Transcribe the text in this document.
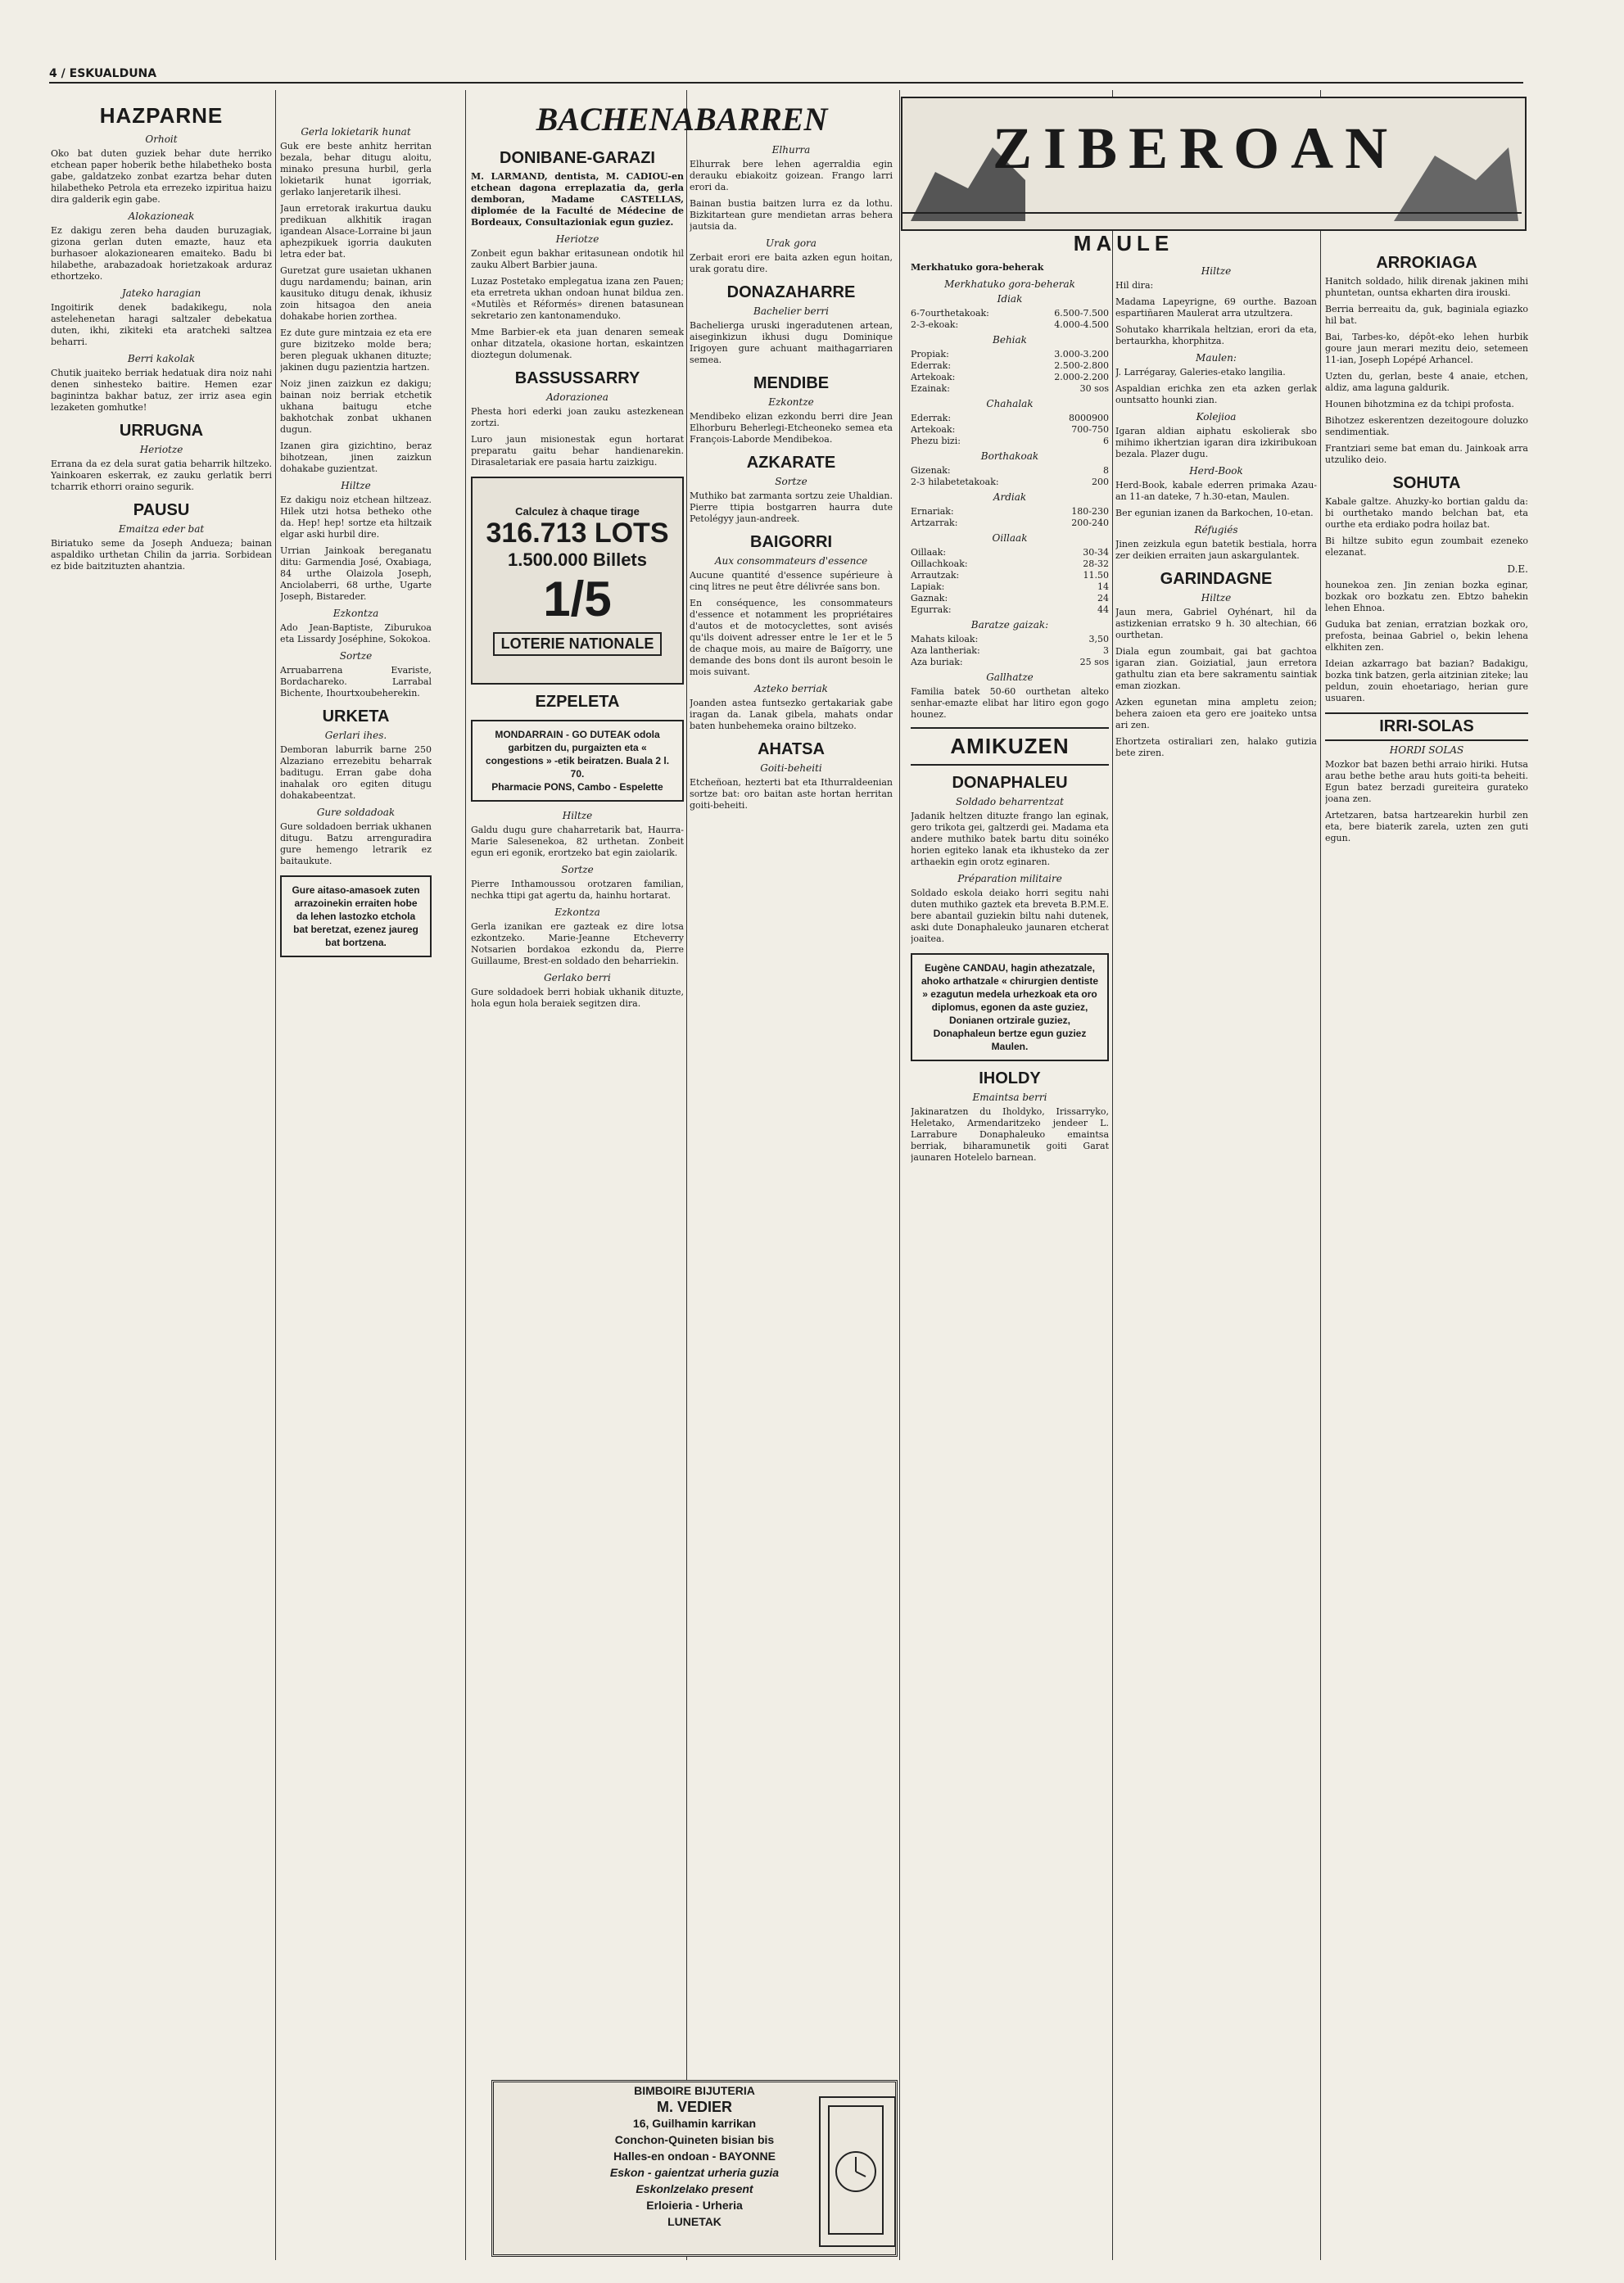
4 / ESKUALDUNA
BACHENABARREN	ZIBEROAN
MAULE
HAZPARNE
Orhoit

Oko bat duten guziek behar dute herriko etchean paper hoberik bethe hilabetheko bosta gabe, galdatzeko zonbat ezartza behar duten hilabetheko Petrola eta errezeko izpiritua haizu dira galderik egin gabe.

Alokazioneak

Ez dakigu zeren beha dauden buruzagiak, gizona gerlan duten emazte, hauz eta burhasoer alokazionearen emaiteko. Badu bi hilabethe, arabazadoak horietzakoak arduraz ethortzeko.

Jateko haragian

Ingoitirik denek badakikegu, nola astelehenetan haragi saltzaler debekatua duten, ikhi, zikiteki eta aratcheki saltzea beharri.

Berri kakolak

Chutik juaiteko berriak hedatuak dira noiz nahi denen sinhesteko baitire. Hemen ezar baginintza bakhar batuz, zer irriz asea egin lezaketen gomhutke!

URRUGNA
Heriotze

Errana da ez dela surat gatia beharrik hiltzeko. Yainkoaren eskerrak, ez zauku gerlatik berri tcharrik ethorri oraino segurik.

PAUSU
Emaitza eder bat

Biriatuko seme da Joseph Andueza; bainan aspaldiko urthetan Chilin da jarria. Sorbidean ez bide baitzituzten ahantzia.

Gerla lokietarik hunat

Guk ere beste anhitz herritan bezala, behar ditugu aloitu, minako presuna hurbil, gerla lokietarik hunat igorriak, gerlako lanjeretarik ilhesi.

Jaun erretorak irakurtua dauku predikuan alkhitik iragan igandean Alsace-Lorraine bi jaun aphezpikuek igorria daukuten letra eder bat.

Guretzat gure usaietan ukhanen dugu nardamendu; bainan, arin kausituko ditugu denak, ikhusiz zoin hitsagoa den aneia dohakabe horien zorthea.

Ez dute gure mintzaia ez eta ere gure bizitzeko molde bera; beren pleguak ukhanen dituzte; jakinen dugu pazientzia hartzen.

Noiz jinen zaizkun ez dakigu; bainan noiz berriak etchetik ukhana baitugu etche bakhotchak zonbat ukhanen dugun.

Izanen gira gizichtino, beraz bihotzean, jinen zaizkun dohakabe guzientzat.

Hiltze

Ez dakigu noiz etchean hiltzeaz. Hilek utzi hotsa betheko othe da. Hep! hep! sortze eta hiltzaik elgar aski hurbil dire.

Urrian Jainkoak bereganatu ditu: Garmendia José, Oxabiaga, 84 urthe Olaizola Joseph, Anciolaberri, 68 urthe, Ugarte Joseph, Bistareder.

Ezkontza

Ado Jean-Baptiste, Ziburukoa eta Lissardy Joséphine, Sokokoa.

Sortze

Arruabarrena Evariste, Bordachareko. Larrabal Bichente, Ihourtxoubeherekin.

URKETA
Gerlari ihes.

Demboran laburrik barne 250 Alzaziano errezebitu beharrak baditugu. Erran gabe doha inahalak oro egiten ditugu dohakabeentzat.

Gure soldadoak

Gure soldadoen berriak ukhanen ditugu. Batzu arrenguradira gure hemengo letrarik ez baitaukute.

Gure aitaso-amasoek zuten arrazoinekin erraiten hobe da lehen lastozko etchola bat beretzat, ezenez jaureg bat bortzena.
DONIBANE-GARAZI

M. LARMAND, dentista, M. CADIOU-en etchean dagona erreplazatia da, gerla demboran, Madame CASTELLAS, diplomée de la Faculté de Médecine de Bordeaux, Consultazioniak egun guziez.

Heriotze

Zonbeit egun bakhar eritasunean ondotik hil zauku Albert Barbier jauna.

Luzaz Postetako emplegatua izana zen Pauen; eta erretreta ukhan ondoan hunat bildua zen. «Mutilès et Réformés» direnen batasunean sekretario zen kantonamenduko.

Mme Barbier-ek eta juan denaren semeak onhar ditzatela, okasione hortan, eskaintzen dioztegun dolumenak.

BASSUSSARRY
Adorazionea

Phesta hori ederki joan zauku astezkenean zortzi.

Luro jaun misionestak egun hortarat preparatu gaitu behar handienarekin. Dirasaletariak ere pasaia hartu zaizkigu.

Calculez à chaque tirage
316.713 LOTS
1.500.000 Billets
1/5
LOTERIE NATIONALE
EZPELETA
MONDARRAIN - GO DUTEAK odola garbitzen du, purgaizten eta « congestions » -etik beiratzen. Buala 2 l. 70.
Pharmacie PONS, Cambo - Espelette
Hiltze

Galdu dugu gure chaharretarik bat, Haurra-Marie Salesenekoa, 82 urthetan. Zonbeit egun eri egonik, erortzeko bat egin zaiolarik.

Sortze

Pierre Inthamoussou orotzaren familian, nechka ttipi gat agertu da, hainhu hortarat.

Ezkontza

Gerla izanikan ere gazteak ez dire lotsa ezkontzeko. Marie-Jeanne Etcheverry Notsarien bordakoa ezkondu da, Pierre Guillaume, Brest-en soldado den beharriekin.

Gerlako berri

Gure soldadoek berri hobiak ukhanik dituzte, hola egun hola beraiek segitzen dira.

Elhurra

Elhurrak bere lehen agerraldia egin derauku ebiakoitz goizean. Frango larri erori da.

Bainan bustia baitzen lurra ez da lothu. Bizkitartean gure mendietan arras behera jautsia da.

Urak gora

Zerbait erori ere baita azken egun hoitan, urak goratu dire.

DONAZAHARRE
Bachelier berri

Bachelierga uruski ingeradutenen artean, aiseginkizun ikhusi dugu Dominique Irigoyen gure achuant maithagarriaren semea.

MENDIBE
Ezkontze

Mendibeko elizan ezkondu berri dire Jean Elhorburu Beherlegi-Etcheoneko semea eta François-Laborde Mendibekoa.

AZKARATE
Sortze

Muthiko bat zarmanta sortzu zeie Uhaldian. Pierre ttipia bostgarren haurra dute Petolégyy jaun-andreek.

BAIGORRI
Aux consommateurs d'essence

Aucune quantité d'essence supérieure à cinq litres ne peut être délivrée sans bon.

En conséquence, les consommateurs d'essence et notamment les propriétaires d'autos et de motocyclettes, sont avisés qu'ils doivent adresser entre le 1er et le 5 de chaque mois, au maire de Baïgorry, une demande des bons dont ils auront besoin le mois suivant.

Azteko berriak

Joanden astea funtsezko gertakariak gabe iragan da. Lanak gibela, mahats ondar baten hunbehemeka oraino biltzeko.

AHATSA
Goiti-beheiti

Etcheñoan, hezterti bat eta Ithurraldeenian sortze bat: oro baitan aste hortan herritan goiti-beheiti.

Merkhatuko gora-beherak

Merkhatuko gora-beherak
Idiak
6-7ourthetakoak:	6.500-7.500
2-3-ekoak:	4.000-4.500
Behiak
Propiak:	3.000-3.200
Ederrak:	2.500-2.800
Artekoak:	2.000-2.200
Ezainak:	30 sos
Chahalak
Ederrak:	8000900
Artekoak:	700-750
Phezu bizi:	6
Borthakoak
Gizenak:	8
2-3 hilabetetakoak:	200
Ardiak
Ernariak:	180-230
Artzarrak:	200-240
Oillaak
Oillaak:	30-34
Oillachkoak:	28-32
Arrautzak:	11.50
Lapiak:	14
Gaznak:	24
Egurrak:	44
Baratze gaizak:
Mahats kiloak:	3,50
Aza lantheriak:	3
Aza buriak:	25 sos
Gallhatze

Familia batek 50-60 ourthetan alteko senhar-emazte elibat har litiro egon gogo hounez.

AMIKUZEN
DONAPHALEU
Soldado beharrentzat

Jadanik heltzen dituzte frango lan eginak, gero trikota gei, galtzerdi gei. Madama eta andere muthiko batek bartu ditu soinéko horien egiteko lanak eta ikhusteko da zer arthaekin egin orotz eginaren.

Préparation militaire

Soldado eskola deiako horri segitu nahi duten muthiko gaztek eta breveta B.P.M.E. bere abantail guziekin biltu nahi dutenek, aski dute Donaphaleuko jaunaren etcherat joaitea.

Eugène CANDAU, hagin athezatzale, ahoko arthatzale « chirurgien dentiste » ezagutun medela urhezkoak eta oro diplomus, egonen da aste guziez, Donianen ortzirale guziez, Donaphaleun bertze egun guziez Maulen.
IHOLDY
Emaintsa berri

Jakinaratzen du Iholdyko, Irissarryko, Heletako, Armendaritzeko jendeer L. Larrabure Donaphaleuko emaintsa berriak, biharamunetik goiti Garat jaunaren Hotelelo barnean.

Hiltze

Hil dira:

Madama Lapeyrigne, 69 ourthe. Bazoan espartiñaren Maulerat arra utzultzera.

Sohutako kharrikala heltzian, erori da eta, bertaurkha, khorphitza.

Maulen:

J. Larrégaray, Galeries-etako langilia.

Aspaldian erichka zen eta azken gerlak ountsatto hounki zian.

Kolejioa

Igaran aldian aiphatu eskolierak sbo mihimo ikhertzian igaran dira izkiribukoan bezala. Plazer dugu.

Herd-Book

Herd-Book, kabale ederren primaka Azau-an 11-an dateke, 7 h.30-etan, Maulen.

Ber egunian izanen da Barkochen, 10-etan.

Réfugiés

Jinen zeizkula egun batetik bestiala, horra zer deikien erraiten jaun askargulantek.

GARINDAGNE
Hiltze

Jaun mera, Gabriel Oyhénart, hil da astizkenian erratsko 9 h. 30 altechian, 66 ourthetan.

Diala egun zoumbait, gai bat gachtoa igaran zian. Goiziatial, jaun erretora gathultu zian eta bere sakramentu saintiak eman ziozkan.

Azken egunetan mina ampletu zeion; behera zaioen eta gero ere joaiteko untsa ari zen.

Ehortzeta ostiraliari zen, halako gutizia bete ziren.

ARROKIAGA

Hanitch soldado, hilik direnak jakinen mihi phuntetan, ountsa ekharten dira irouski.

Berria berreaitu da, guk, baginiala egiazko hil bat.

Bai, Tarbes-ko, dépôt-eko lehen hurbik goure jaun merari mezitu deio, setemeen 11-ian, Joseph Lopépé Arhancel.

Uzten du, gerlan, beste 4 anaie, etchen, aldiz, ama laguna galdurik.

Hounen bihotzmina ez da tchipi profosta.

Bihotzez eskerentzen dezeitogoure doluzko sendimentiak.

Frantziari seme bat eman du. Jainkoak arra utzuliko deio.

SOHUTA

Kabale galtze. Ahuzky-ko bortian galdu da: bi ourthetako mando belchan bat, eta ourthe eta erdiako podra hoilaz bat.

Bi hiltze subito egun zoumbait ezeneko elezanat.

D.E.

hounekoa zen. Jin zenian bozka eginar, bozkak oro bozkatu zen. Ebtzo bahekin lehen Ehnoa.

Guduka bat zenian, erratzian bozkak oro, prefosta, beinaa Gabriel o, bekin lehena elkhiten zen.

Ideian azkarrago bat bazian? Badakigu, bozka tink batzen, gerla aitzinian ziteke; lau peldun, zouin ehoetariago, herian gure usuaren.

IRRI-SOLAS
HORDI SOLAS

Mozkor bat bazen bethi arraio hiriki. Hutsa arau bethe bethe arau huts goiti-ta beheiti. Egun batez berzadi gureiteira gurateko joana zen.

Artetzaren, batsa hartzearekin hurbil zen eta, bere biaterik zarela, uzten zen guti egun.

BIMBOIRE BIJUTERIA
M. VEDIER
16, Guilhamin karrikan
Conchon-Quineten bisian bis
Halles-en ondoan - BAYONNE
Eskon - gaientzat urheria guzia
Eskonlzelako present
Erloieria - Urheria
LUNETAK
